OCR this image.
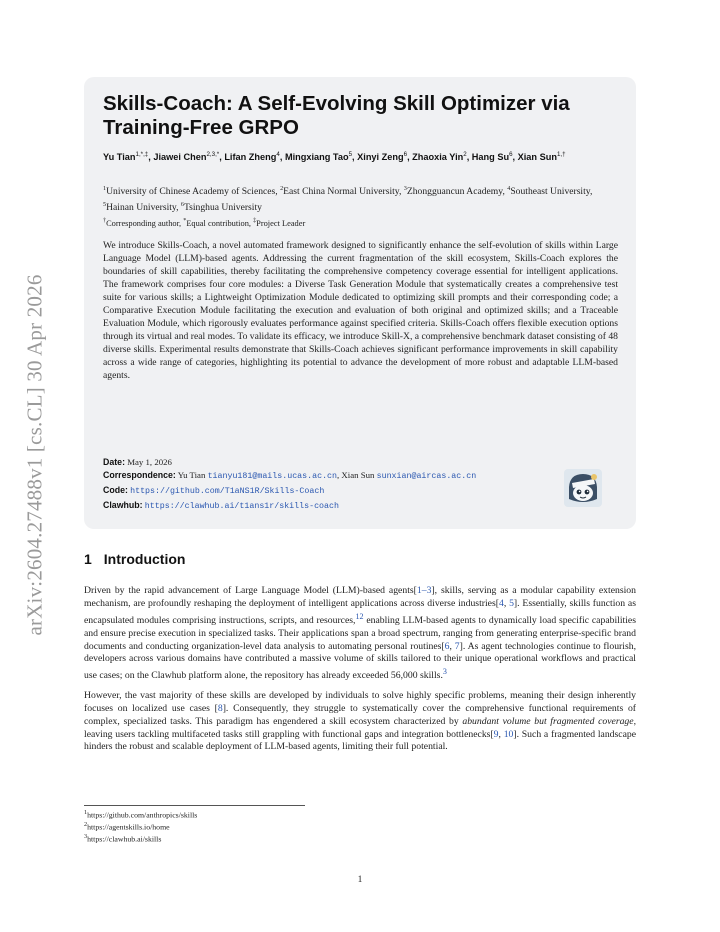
arXiv:2604.27488v1 [cs.CL] 30 Apr 2026
Skills-Coach: A Self-Evolving Skill Optimizer via Training-Free GRPO
Yu Tian$^{1,*,\ddagger}$, Jiawei Chen$^{2,3,*}$, Lifan Zheng$^4$, Mingxiang Tao$^5$, Xinyi Zeng$^6$, Zhaoxia Yin$^2$, Hang Su$^6$, Xian Sun$^{1,\dagger}$
$^1$University of Chinese Academy of Sciences, $^2$East China Normal University, $^3$Zhongguancun Academy, $^4$Southeast University, $^5$Hainan University, $^6$Tsinghua University
†Corresponding author, *Equal contribution, ‡Project Leader

We introduce Skills-Coach, a novel automated framework designed to significantly enhance the self-evolution of skills within Large Language Model (LLM)-based agents. Addressing the current fragmentation of the skill ecosystem, Skills-Coach explores the boundaries of skill capabilities, thereby facilitating the comprehensive competency coverage essential for intelligent applications. The framework comprises four core modules: a Diverse Task Generation Module that systematically creates a comprehensive test suite for various skills; a Lightweight Optimization Module dedicated to optimizing skill prompts and their corresponding code; a Comparative Execution Module facilitating the execution and evaluation of both original and optimized skills; and a Traceable Evaluation Module, which rigorously evaluates performance against specified criteria. Skills-Coach offers flexible execution options through its virtual and real modes. To validate its efficacy, we introduce Skill-X, a comprehensive benchmark dataset consisting of 48 diverse skills. Experimental results demonstrate that Skills-Coach achieves significant performance improvements in skill capability across a wide range of categories, highlighting its potential to advance the development of more robust and adaptable LLM-based agents.

Date: May 1, 2026
Correspondence: Yu Tian tianyu181@mails.ucas.ac.cn, Xian Sun sunxian@aircas.ac.cn
Code: https://github.com/T1aNS1R/Skills-Coach
Clawhub: https://clawhub.ai/t1ans1r/skills-coach
1 Introduction

Driven by the rapid advancement of Large Language Model (LLM)-based agents[1–3], skills, serving as a modular capability extension mechanism, are profoundly reshaping the deployment of intelligent applications across diverse industries[4, 5]. Essentially, skills function as encapsulated modules comprising instructions, scripts, and resources,$^{12}$ enabling LLM-based agents to dynamically load specific capabilities and ensure precise execution in specialized tasks. Their applications span a broad spectrum, ranging from generating enterprise-specific brand documents and conducting organization-level data analysis to automating personal routines[6, 7]. As agent technologies continue to flourish, developers across various domains have contributed a massive volume of skills tailored to their unique operational workflows and practical use cases; on the Clawhub platform alone, the repository has already exceeded 56,000 skills.$^3$

However, the vast majority of these skills are developed by individuals to solve highly specific problems, meaning their design inherently focuses on localized use cases [8]. Consequently, they struggle to systematically cover the comprehensive functional requirements of complex, specialized tasks. This paradigm has engendered a skill ecosystem characterized by abundant volume but fragmented coverage, leaving users tackling multifaceted tasks still grappling with functional gaps and integration bottlenecks[9, 10]. Such a fragmented landscape hinders the robust and scalable deployment of LLM-based agents, limiting their full potential.

$^1$https://github.com/anthropics/skills
$^2$https://agentskills.io/home
$^3$https://clawhub.ai/skills
1
